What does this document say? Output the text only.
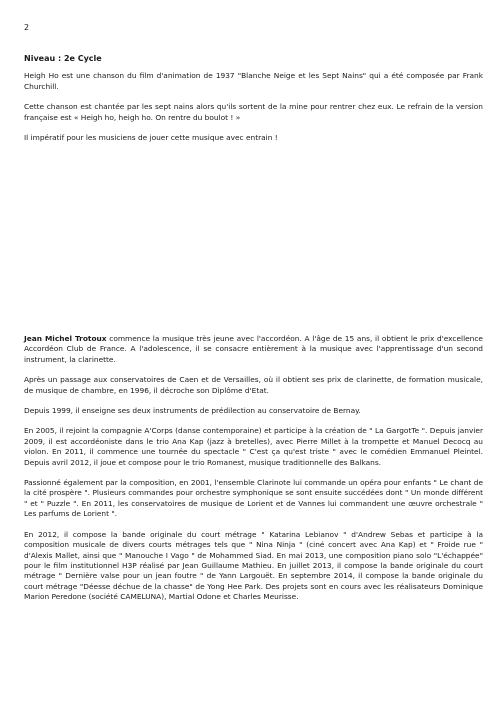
2

Niveau : 2e Cycle

Heigh Ho est une chanson du film d'animation de 1937 "Blanche Neige et les Sept Nains" qui a été composée par Frank Churchill.

Cette chanson est chantée par les sept nains alors qu'ils sortent de la mine pour rentrer chez eux. Le refrain de la version française est « Heigh ho, heigh ho. On rentre du boulot ! »

Il impératif pour les musiciens de jouer cette musique avec entrain !

Jean Michel Trotoux commence la musique très jeune avec l'accordéon. A l'âge de 15 ans, il obtient le prix d'excellence Accordéon Club de France. A l'adolescence, il se consacre entièrement à la musique avec l'apprentissage d'un second instrument, la clarinette.

Après un passage aux conservatoires de Caen et de Versailles, où il obtient ses prix de clarinette, de formation musicale, de musique de chambre, en 1996, il décroche son Diplôme d'Etat.

Depuis 1999, il enseigne ses deux instruments de prédilection au conservatoire de Bernay.

En 2005, il rejoint la compagnie A'Corps (danse contemporaine) et participe à la création de " La GargotTe ". Depuis janvier 2009, il est accordéoniste dans le trio Ana Kap (jazz à bretelles), avec Pierre Millet à la trompette et Manuel Decocq au violon. En 2011, il commence une tournée du spectacle " C'est ça qu'est triste " avec le comédien Emmanuel Pleintel. Depuis avril 2012, il joue et compose pour le trio Romanest, musique traditionnelle des Balkans.

Passionné également par la composition, en 2001, l'ensemble Clarinote lui commande un opéra pour enfants " Le chant de la cité prospère ". Plusieurs commandes pour orchestre symphonique se sont ensuite succédées dont " Un monde différent " et " Puzzle ". En 2011, les conservatoires de musique de Lorient et de Vannes lui commandent une œuvre orchestrale " Les parfums de Lorient ".

En 2012, il compose la bande originale du court métrage " Katarina Lebianov " d'Andrew Sebas et participe à la composition musicale de divers courts métrages tels que " Nina Ninja " (ciné concert avec Ana Kap) et " Froide rue " d'Alexis Mallet, ainsi que " Manouche I Vago " de Mohammed Siad. En mai 2013, une composition piano solo "L'échappée" pour le film institutionnel H3P réalisé par Jean Guillaume Mathieu. En juillet 2013, il compose la bande originale du court métrage " Dernière valse pour un jean foutre " de Yann Largouët. En septembre 2014, il compose la bande originale du court métrage "Déesse déchue de la chasse" de Yong Hee Park. Des projets sont en cours avec les réalisateurs Dominique Marion Peredone (société CAMELUNA), Martial Odone et Charles Meurisse.
